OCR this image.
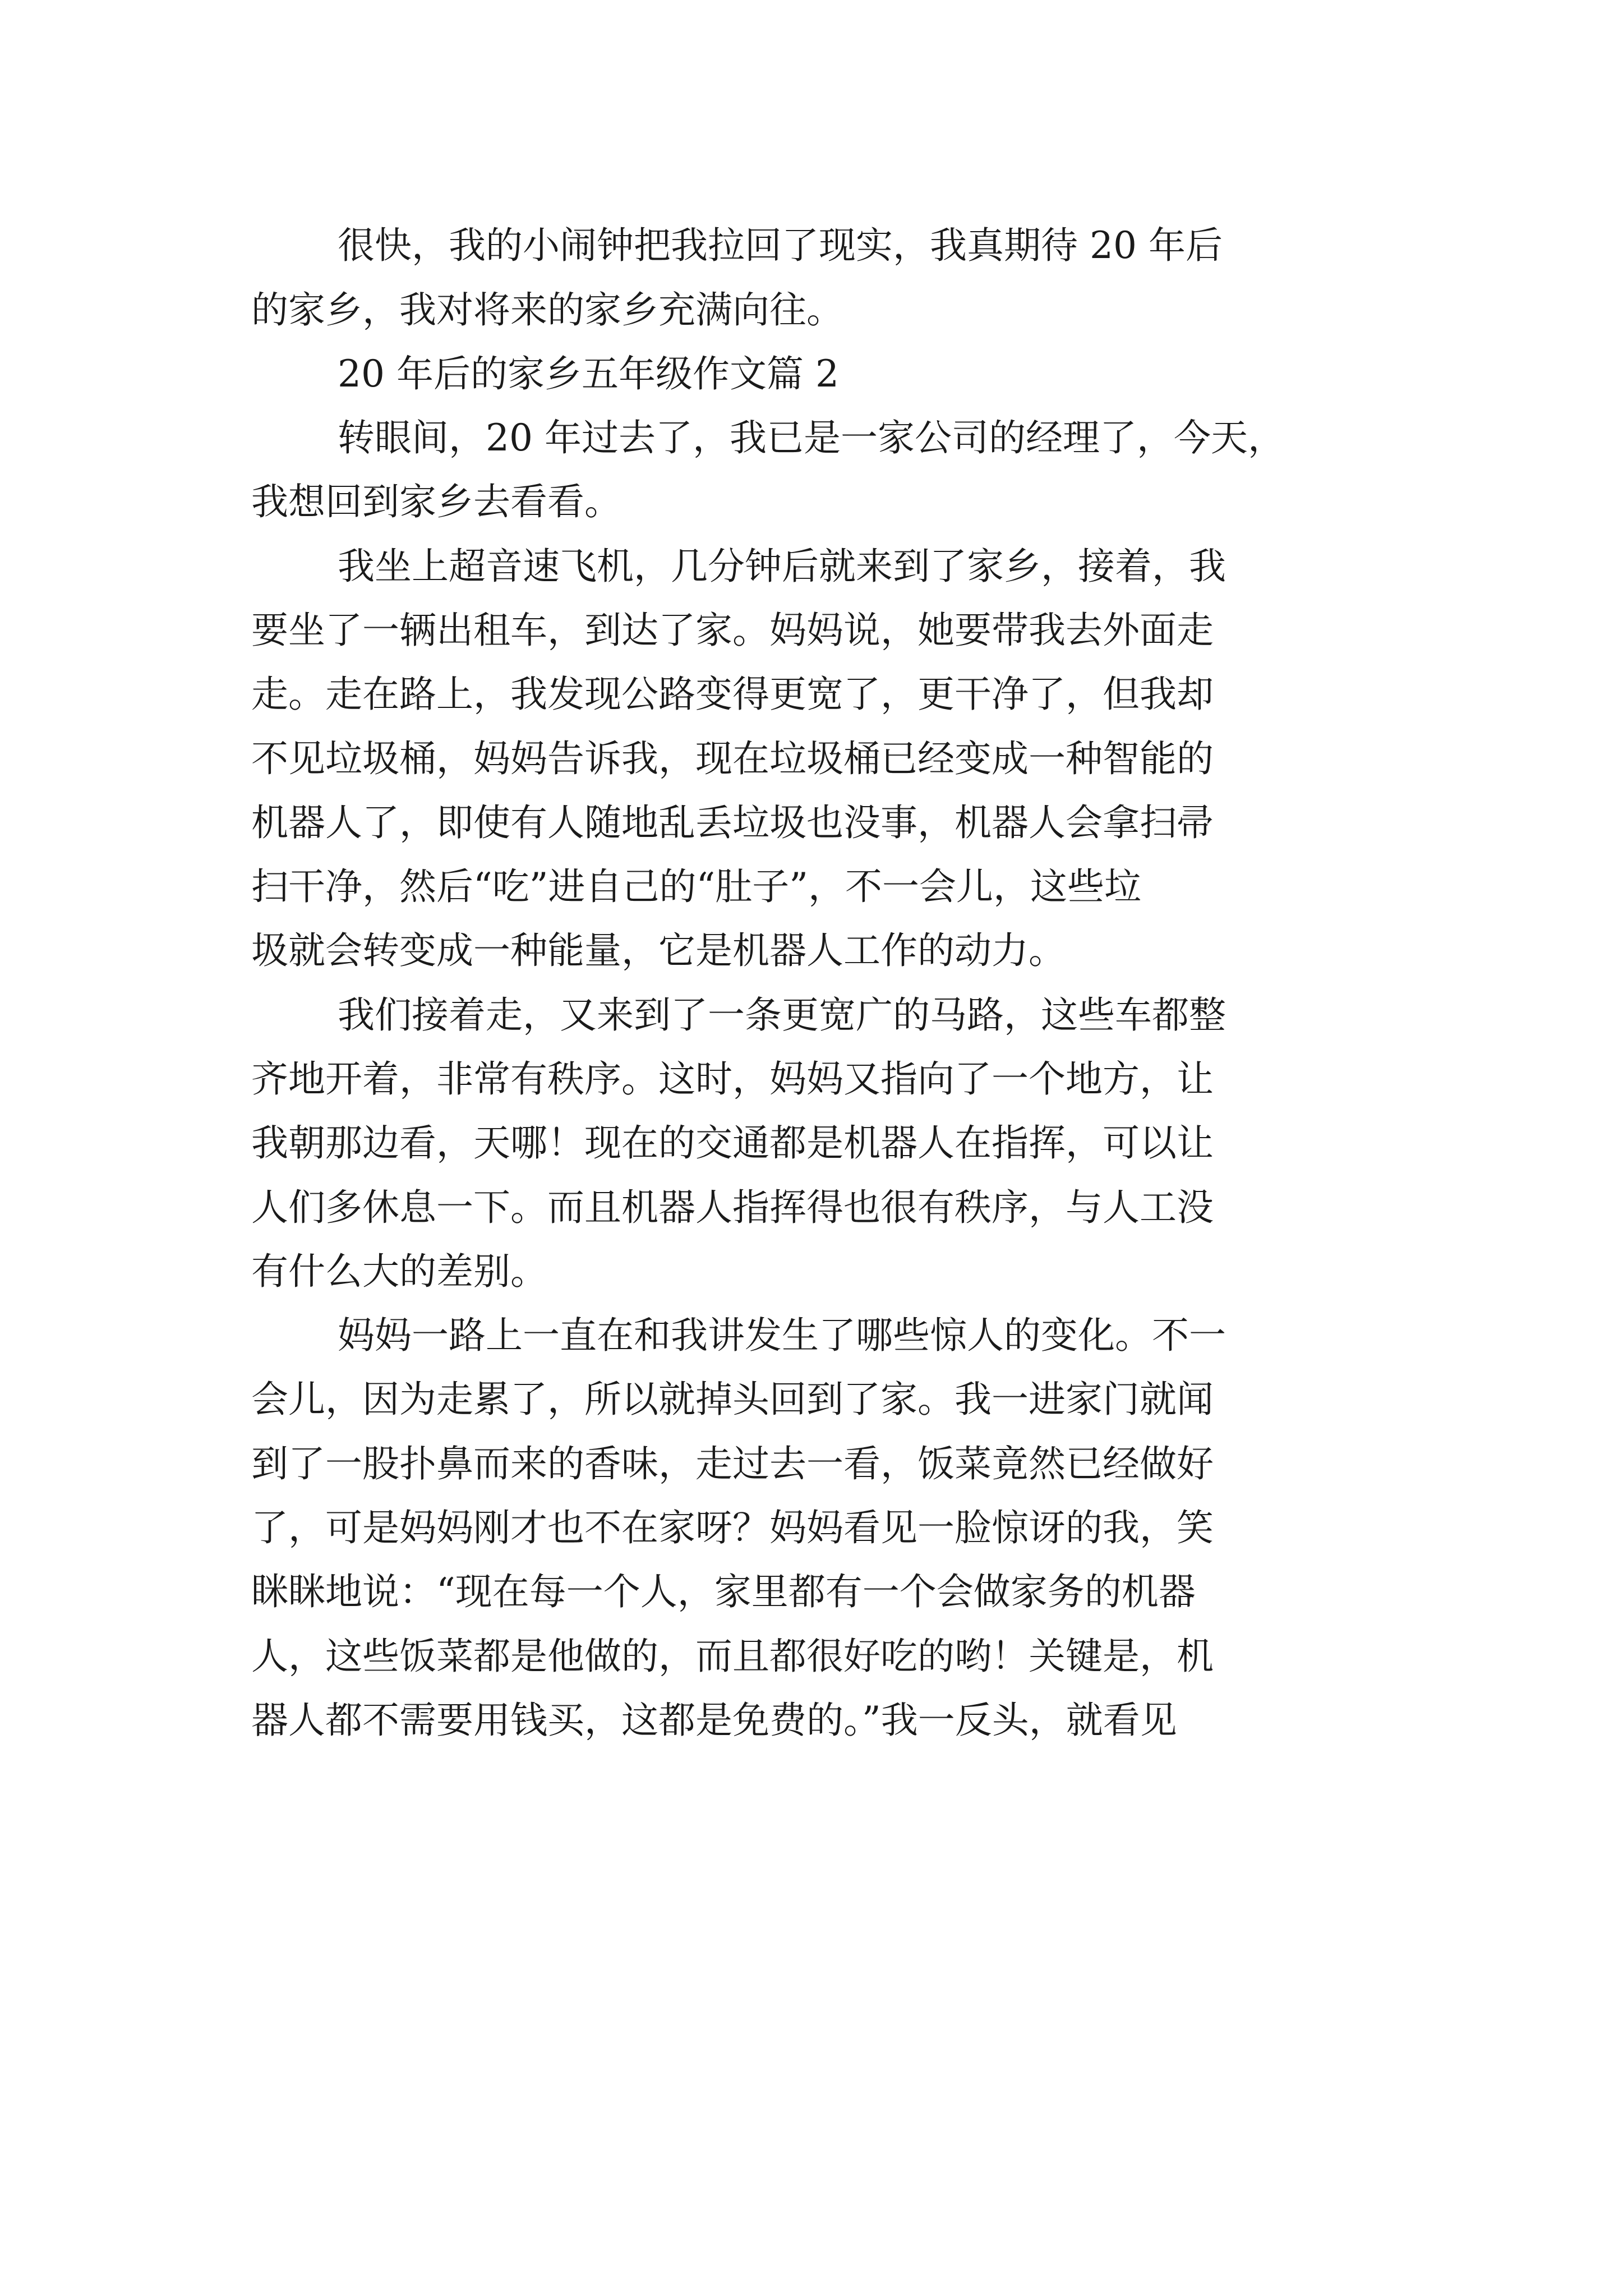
很快，我的小闹钟把我拉回了现实，我真期待 20 年后
的家乡，我对将来的家乡充满向往。
20 年后的家乡五年级作文篇 2
转眼间，20 年过去了，我已是一家公司的经理了，今天，
我想回到家乡去看看。
我坐上超音速飞机，几分钟后就来到了家乡，接着，我
要坐了一辆出租车，到达了家。妈妈说，她要带我去外面走
走。走在路上，我发现公路变得更宽了，更干净了，但我却
不见垃圾桶，妈妈告诉我，现在垃圾桶已经变成一种智能的
机器人了，即使有人随地乱丢垃圾也没事，机器人会拿扫帚
扫干净，然后“吃”进自己的“肚子”，不一会儿，这些垃
圾就会转变成一种能量，它是机器人工作的动力。
我们接着走，又来到了一条更宽广的马路，这些车都整
齐地开着，非常有秩序。这时，妈妈又指向了一个地方，让
我朝那边看，天哪！现在的交通都是机器人在指挥，可以让
人们多休息一下。而且机器人指挥得也很有秩序，与人工没
有什么大的差别。
妈妈一路上一直在和我讲发生了哪些惊人的变化。不一
会儿，因为走累了，所以就掉头回到了家。我一进家门就闻
到了一股扑鼻而来的香味，走过去一看，饭菜竟然已经做好
了，可是妈妈刚才也不在家呀？妈妈看见一脸惊讶的我，笑
眯眯地说：“现在每一个人，家里都有一个会做家务的机器
人，这些饭菜都是他做的，而且都很好吃的哟！关键是，机
器人都不需要用钱买，这都是免费的。”我一反头，就看见
